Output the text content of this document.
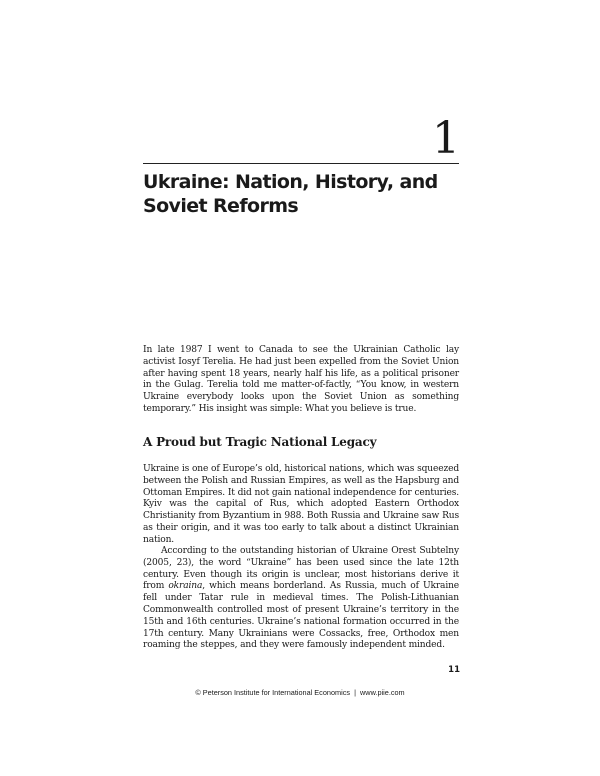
1
Ukraine: Nation, History, and
Soviet Reforms

In late 1987 I went to Canada to see the Ukrainian Catholic lay activist Iosyf Terelia. He had just been expelled from the Soviet Union after having spent 18 years, nearly half his life, as a political prisoner in the Gulag. Terelia told me matter-of-factly, “You know, in western Ukraine everybody looks upon the Soviet Union as something temporary.” His insight was simple: What you believe is true.

A Proud but Tragic National Legacy

Ukraine is one of Europe’s old, historical nations, which was squeezed between the Polish and Russian Empires, as well as the Hapsburg and Ottoman Empires. It did not gain national independence for centuries. Kyiv was the capital of Rus, which adopted Eastern Orthodox Christianity from Byzantium in 988. Both Russia and Ukraine saw Rus as their origin, and it was too early to talk about a distinct Ukrainian nation.

According to the outstanding historian of Ukraine Orest Subtelny (2005, 23), the word “Ukraine” has been used since the late 12th century. Even though its origin is unclear, most historians derive it from okraina, which means borderland. As Russia, much of Ukraine fell under Tatar rule in medieval times. The Polish-Lithuanian Commonwealth controlled most of present Ukraine’s territory in the 15th and 16th centuries. Ukraine’s national formation occurred in the 17th century. Many Ukrainians were Cossacks, free, Orthodox men roaming the steppes, and they were famously independent minded.

11
© Peterson Institute for International Economics | www.piie.com
